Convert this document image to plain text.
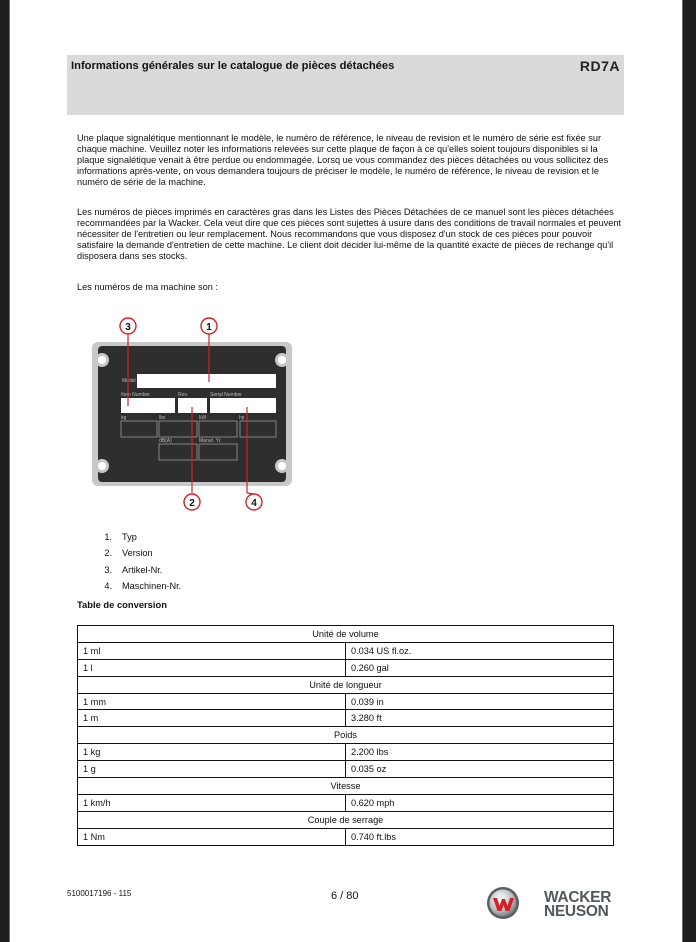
Informations générales sur le catalogue de pièces détachées	RD7A
Une plaque signalétique mentionnant le modèle, le numéro de référence, le niveau de revision et le numéro de série est fixée sur chaque machine. Veuillez noter les informations relevées sur cette plaque de façon à ce qu'elles soient toujours disponibles si la plaque signalétique venait à être perdue ou endommagée. Lorsq ue vous commandez des pièces détachées ou vous sollicitez des informations après-vente, on vous demandera toujours de préciser le modèle, le numéro de référence, le niveau de revision et le numéro de série de la machine.
Les numéros de pièces imprimés en caractères gras dans les Listes des Pièces Détachées de ce manuel sont les pièces détachées recommandées par la Wacker. Cela veut dire que ces pièces sont sujettes à usure dans des conditions de travail normales et peuvent nécessiter de l'entretien ou leur remplacement. Nous recommandons que vous disposez d'un stock de ces pièces pour pouvoir satisfaire la demande d'entretien de cette machine. Le client doit decider lui-même de la quantité exacte de pièces de rechange qu'il disposera dans ses stocks.
Les numéros de ma machine son :
Model
Item Number	Rev.	Serial Number
kg	lbs	kW	hp
dB(A)	Manuf. Yr.
1
2
3
4
1. Typ
2. Version
3. Artikel-Nr.
4. Maschinen-Nr.
Table de conversion
Unité de volume	
1 ml	0.034 US fl.oz.
1 l	0.260 gal
Unité de longueur	
1 mm	0.039 in
1 m	3.280 ft
Poids	
1 kg	2.200 lbs
1 g	0.035 oz
Vitesse	
1 km/h	0.620 mph
Couple de serrage	
1 Nm	0.740 ft.lbs
5100017196 - 115	6 / 80	WACKER
NEUSON
